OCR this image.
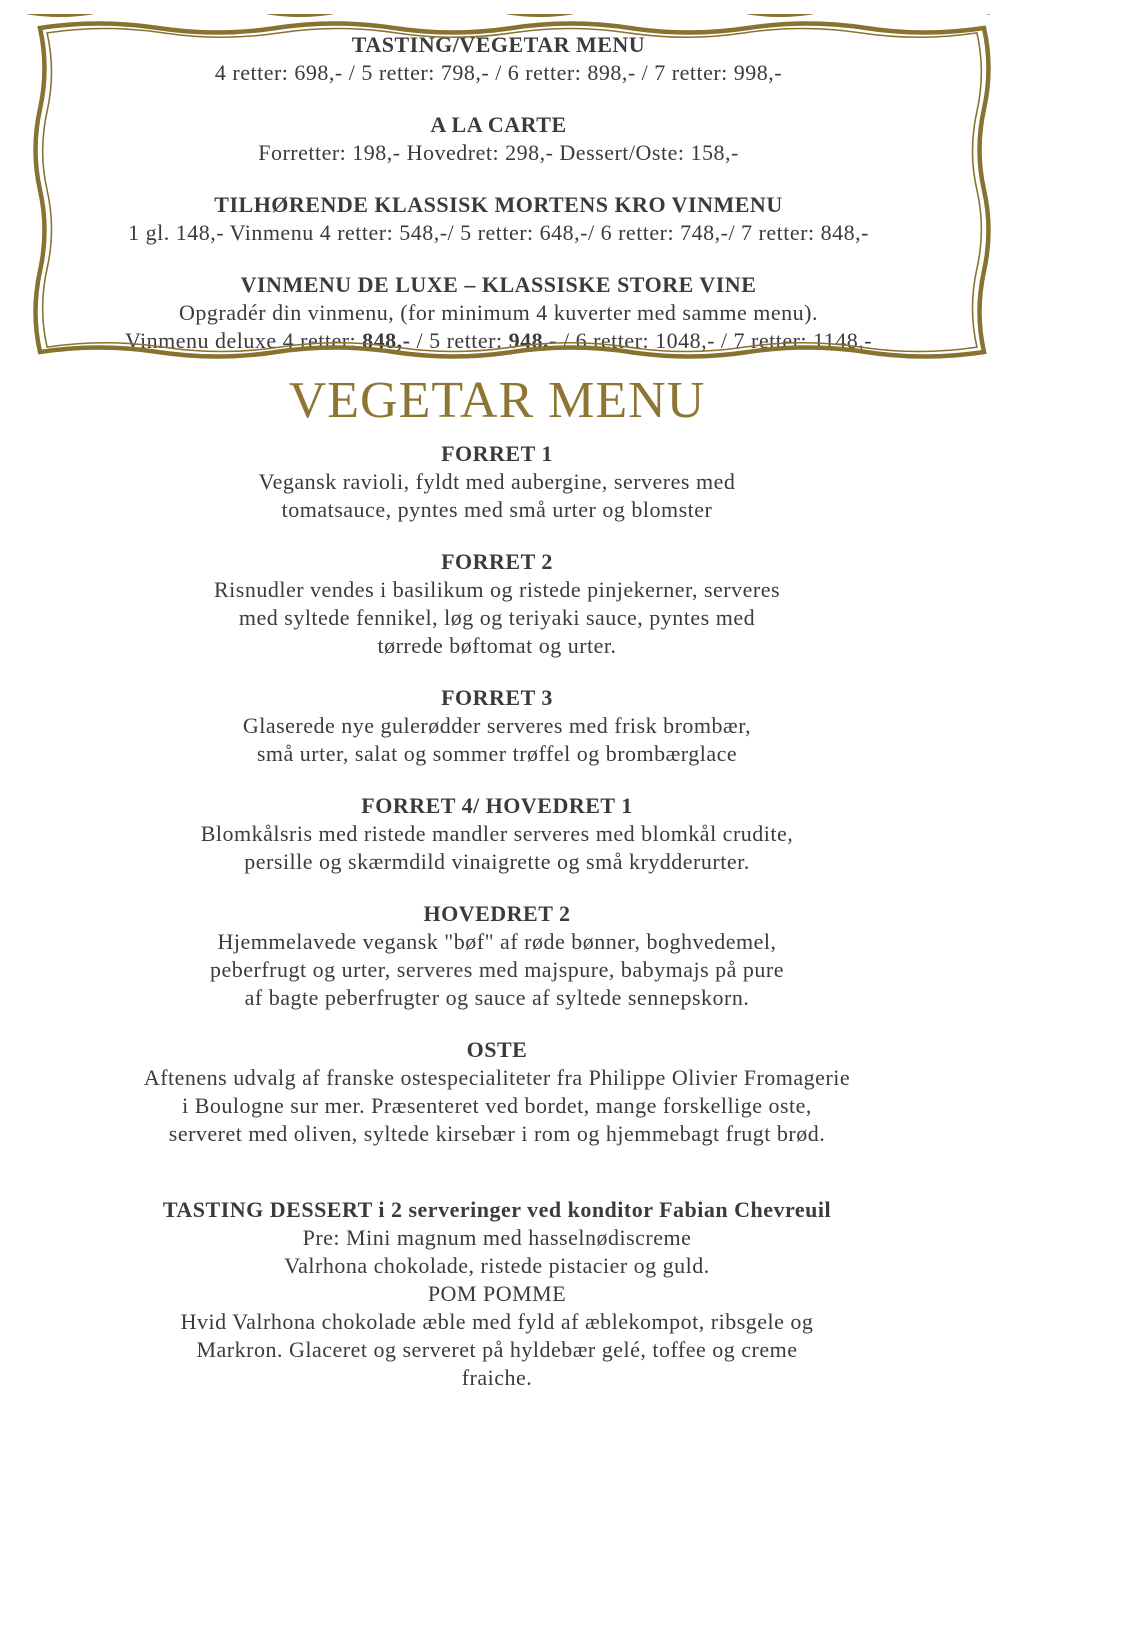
TASTING/VEGETAR MENU
4 retter: 698,- / 5 retter: 798,- / 6 retter: 898,- / 7 retter: 998,-
A LA CARTE
Forretter: 198,- Hovedret: 298,- Dessert/Oste: 158,-
TILHØRENDE KLASSISK MORTENS KRO VINMENU
1 gl. 148,- Vinmenu 4 retter: 548,-/ 5 retter: 648,-/ 6 retter: 748,-/ 7 retter: 848,-
VINMENU DE LUXE – KLASSISKE STORE VINE
Opgradér din vinmenu, (for minimum 4 kuverter med samme menu).
Vinmenu deluxe 4 retter: 848,- / 5 retter: 948,- / 6 retter: 1048,- / 7 retter: 1148,-
VEGETAR MENU
FORRET 1
Vegansk ravioli, fyldt med aubergine, serveres med
tomatsauce, pyntes med små urter og blomster
FORRET 2
Risnudler vendes i basilikum og ristede pinjekerner, serveres
med syltede fennikel, løg og teriyaki sauce, pyntes med
tørrede bøftomat og urter.
FORRET 3
Glaserede nye gulerødder serveres med frisk brombær,
små urter, salat og sommer trøffel og brombærglace
FORRET 4/ HOVEDRET 1
Blomkålsris med ristede mandler serveres med blomkål crudite,
persille og skærmdild vinaigrette og små krydderurter.
HOVEDRET 2
Hjemmelavede vegansk "bøf" af røde bønner, boghvedemel,
peberfrugt og urter, serveres med majspure, babymajs på pure
af bagte peberfrugter og sauce af syltede sennepskorn.
OSTE
Aftenens udvalg af franske ostespecialiteter fra Philippe Olivier Fromagerie
i Boulogne sur mer. Præsenteret ved bordet, mange forskellige oste,
serveret med oliven, syltede kirsebær i rom og hjemmebagt frugt brød.
TASTING DESSERT i 2 serveringer ved konditor Fabian Chevreuil
Pre: Mini magnum med hasselnødiscreme
Valrhona chokolade, ristede pistacier og guld.
POM POMME
Hvid Valrhona chokolade æble med fyld af æblekompot, ribsgele og
Markron. Glaceret og serveret på hyldebær gelé, toffee og creme
fraiche.
